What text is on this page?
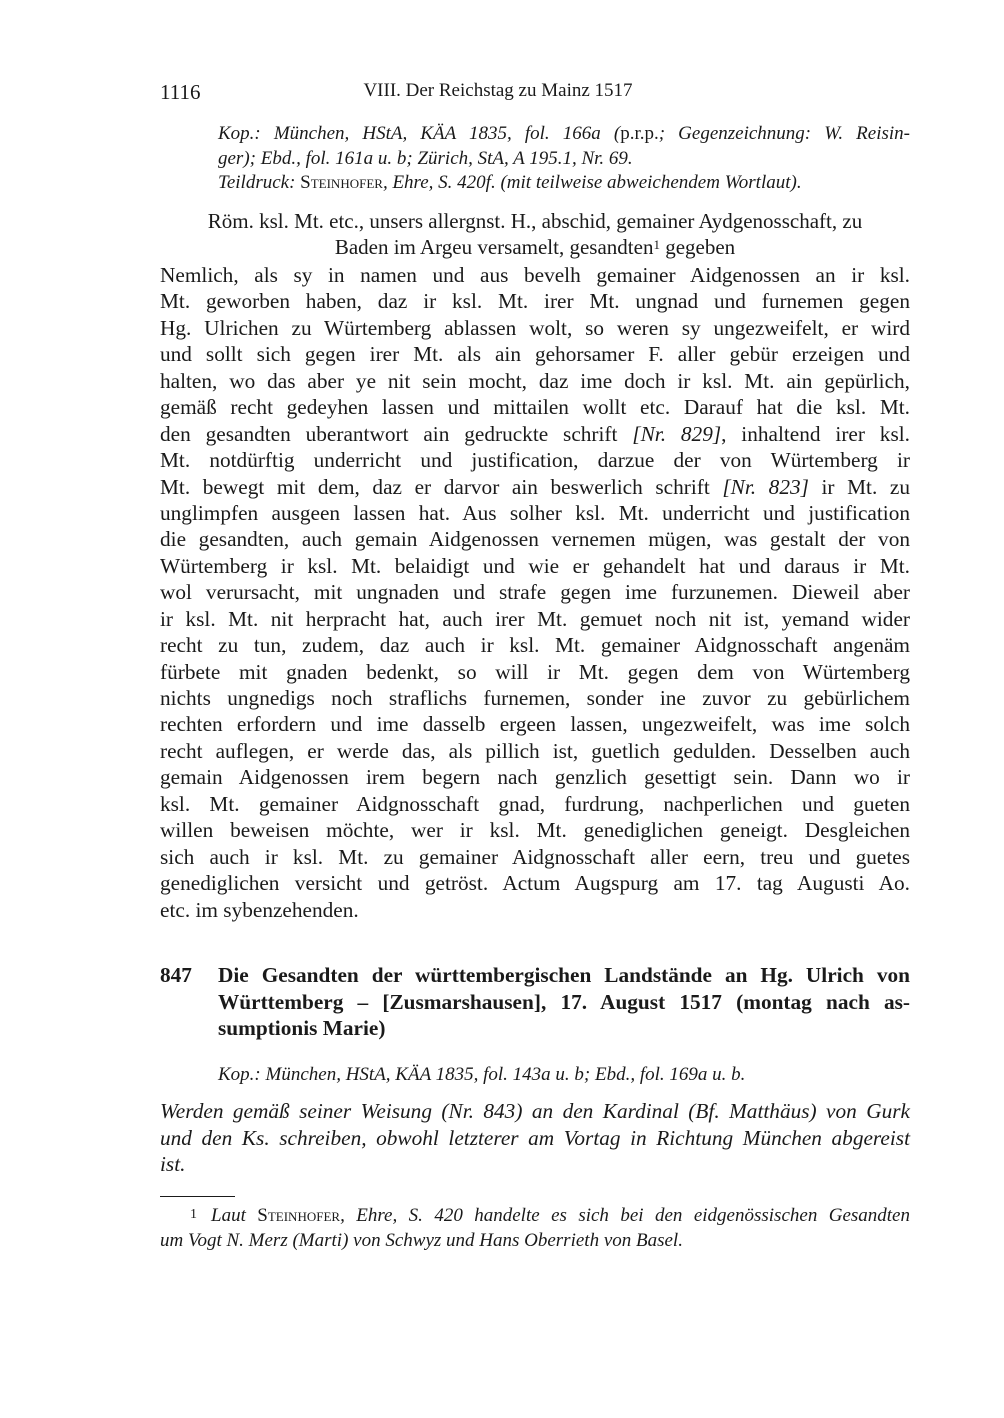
1116	VIII. Der Reichstag zu Mainz 1517
Kop.: München, HStA, KÄA 1835, fol. 166a (p.r.p.; Gegenzeichnung: W. Reisin-
ger); Ebd., fol. 161a u. b; Zürich, StA, A 195.1, Nr. 69.
Teildruck: Steinhofer, Ehre, S. 420f. (mit teilweise abweichendem Wortlaut).
Röm. ksl. Mt. etc., unsers allergnst. H., abschid, gemainer Aydgenosschaft, zu
Baden im Argeu versamelt, gesandten$^1$ gegeben
Nemlich, als sy in namen und aus bevelh gemainer Aidgenossen an ir ksl.
Mt. geworben haben, daz ir ksl. Mt. irer Mt. ungnad und furnemen gegen
Hg. Ulrichen zu Würtemberg ablassen wolt, so weren sy ungezweifelt, er wird
und sollt sich gegen irer Mt. als ain gehorsamer F. aller gebür erzeigen und
halten, wo das aber ye nit sein mocht, daz ime doch ir ksl. Mt. ain gepürlich,
gemäß recht gedeyhen lassen und mittailen wollt etc. Darauf hat die ksl. Mt.
den gesandten uberantwort ain gedruckte schrift [Nr. 829], inhaltend irer ksl.
Mt. notdürftig underricht und justification, darzue der von Würtemberg ir
Mt. bewegt mit dem, daz er darvor ain beswerlich schrift [Nr. 823] ir Mt. zu
unglimpfen ausgeen lassen hat. Aus solher ksl. Mt. underricht und justification
die gesandten, auch gemain Aidgenossen vernemen mügen, was gestalt der von
Würtemberg ir ksl. Mt. belaidigt und wie er gehandelt hat und daraus ir Mt.
wol verursacht, mit ungnaden und strafe gegen ime furzunemen. Dieweil aber
ir ksl. Mt. nit herpracht hat, auch irer Mt. gemuet noch nit ist, yemand wider
recht zu tun, zudem, daz auch ir ksl. Mt. gemainer Aidgnosschaft angenäm
fürbete mit gnaden bedenkt, so will ir Mt. gegen dem von Würtemberg
nichts ungnedigs noch straflichs furnemen, sonder ine zuvor zu gebürlichem
rechten erfordern und ime dasselb ergeen lassen, ungezweifelt, was ime solch
recht auflegen, er werde das, als pillich ist, guetlich gedulden. Desselben auch
gemain Aidgenossen irem begern nach genzlich gesettigt sein. Dann wo ir
ksl. Mt. gemainer Aidgnosschaft gnad, furdrung, nachperlichen und gueten
willen beweisen möchte, wer ir ksl. Mt. genediglichen geneigt. Desgleichen
sich auch ir ksl. Mt. zu gemainer Aidgnosschaft aller eern, treu und guetes
genediglichen versicht und getröst. Actum Augspurg am 17. tag Augusti Ao.
etc. im sybenzehenden.
847 Die Gesandten der württembergischen Landstände an Hg. Ulrich von
Württemberg – [Zusmarshausen], 17. August 1517 (montag nach as-
sumptionis Marie)
Kop.: München, HStA, KÄA 1835, fol. 143a u. b; Ebd., fol. 169a u. b.
Werden gemäß seiner Weisung (Nr. 843) an den Kardinal (Bf. Matthäus) von Gurk
und den Ks. schreiben, obwohl letzterer am Vortag in Richtung München abgereist
ist.
$^1$ Laut Steinhofer, Ehre, S. 420 handelte es sich bei den eidgenössischen Gesandten
um Vogt N. Merz (Marti) von Schwyz und Hans Oberrieth von Basel.
